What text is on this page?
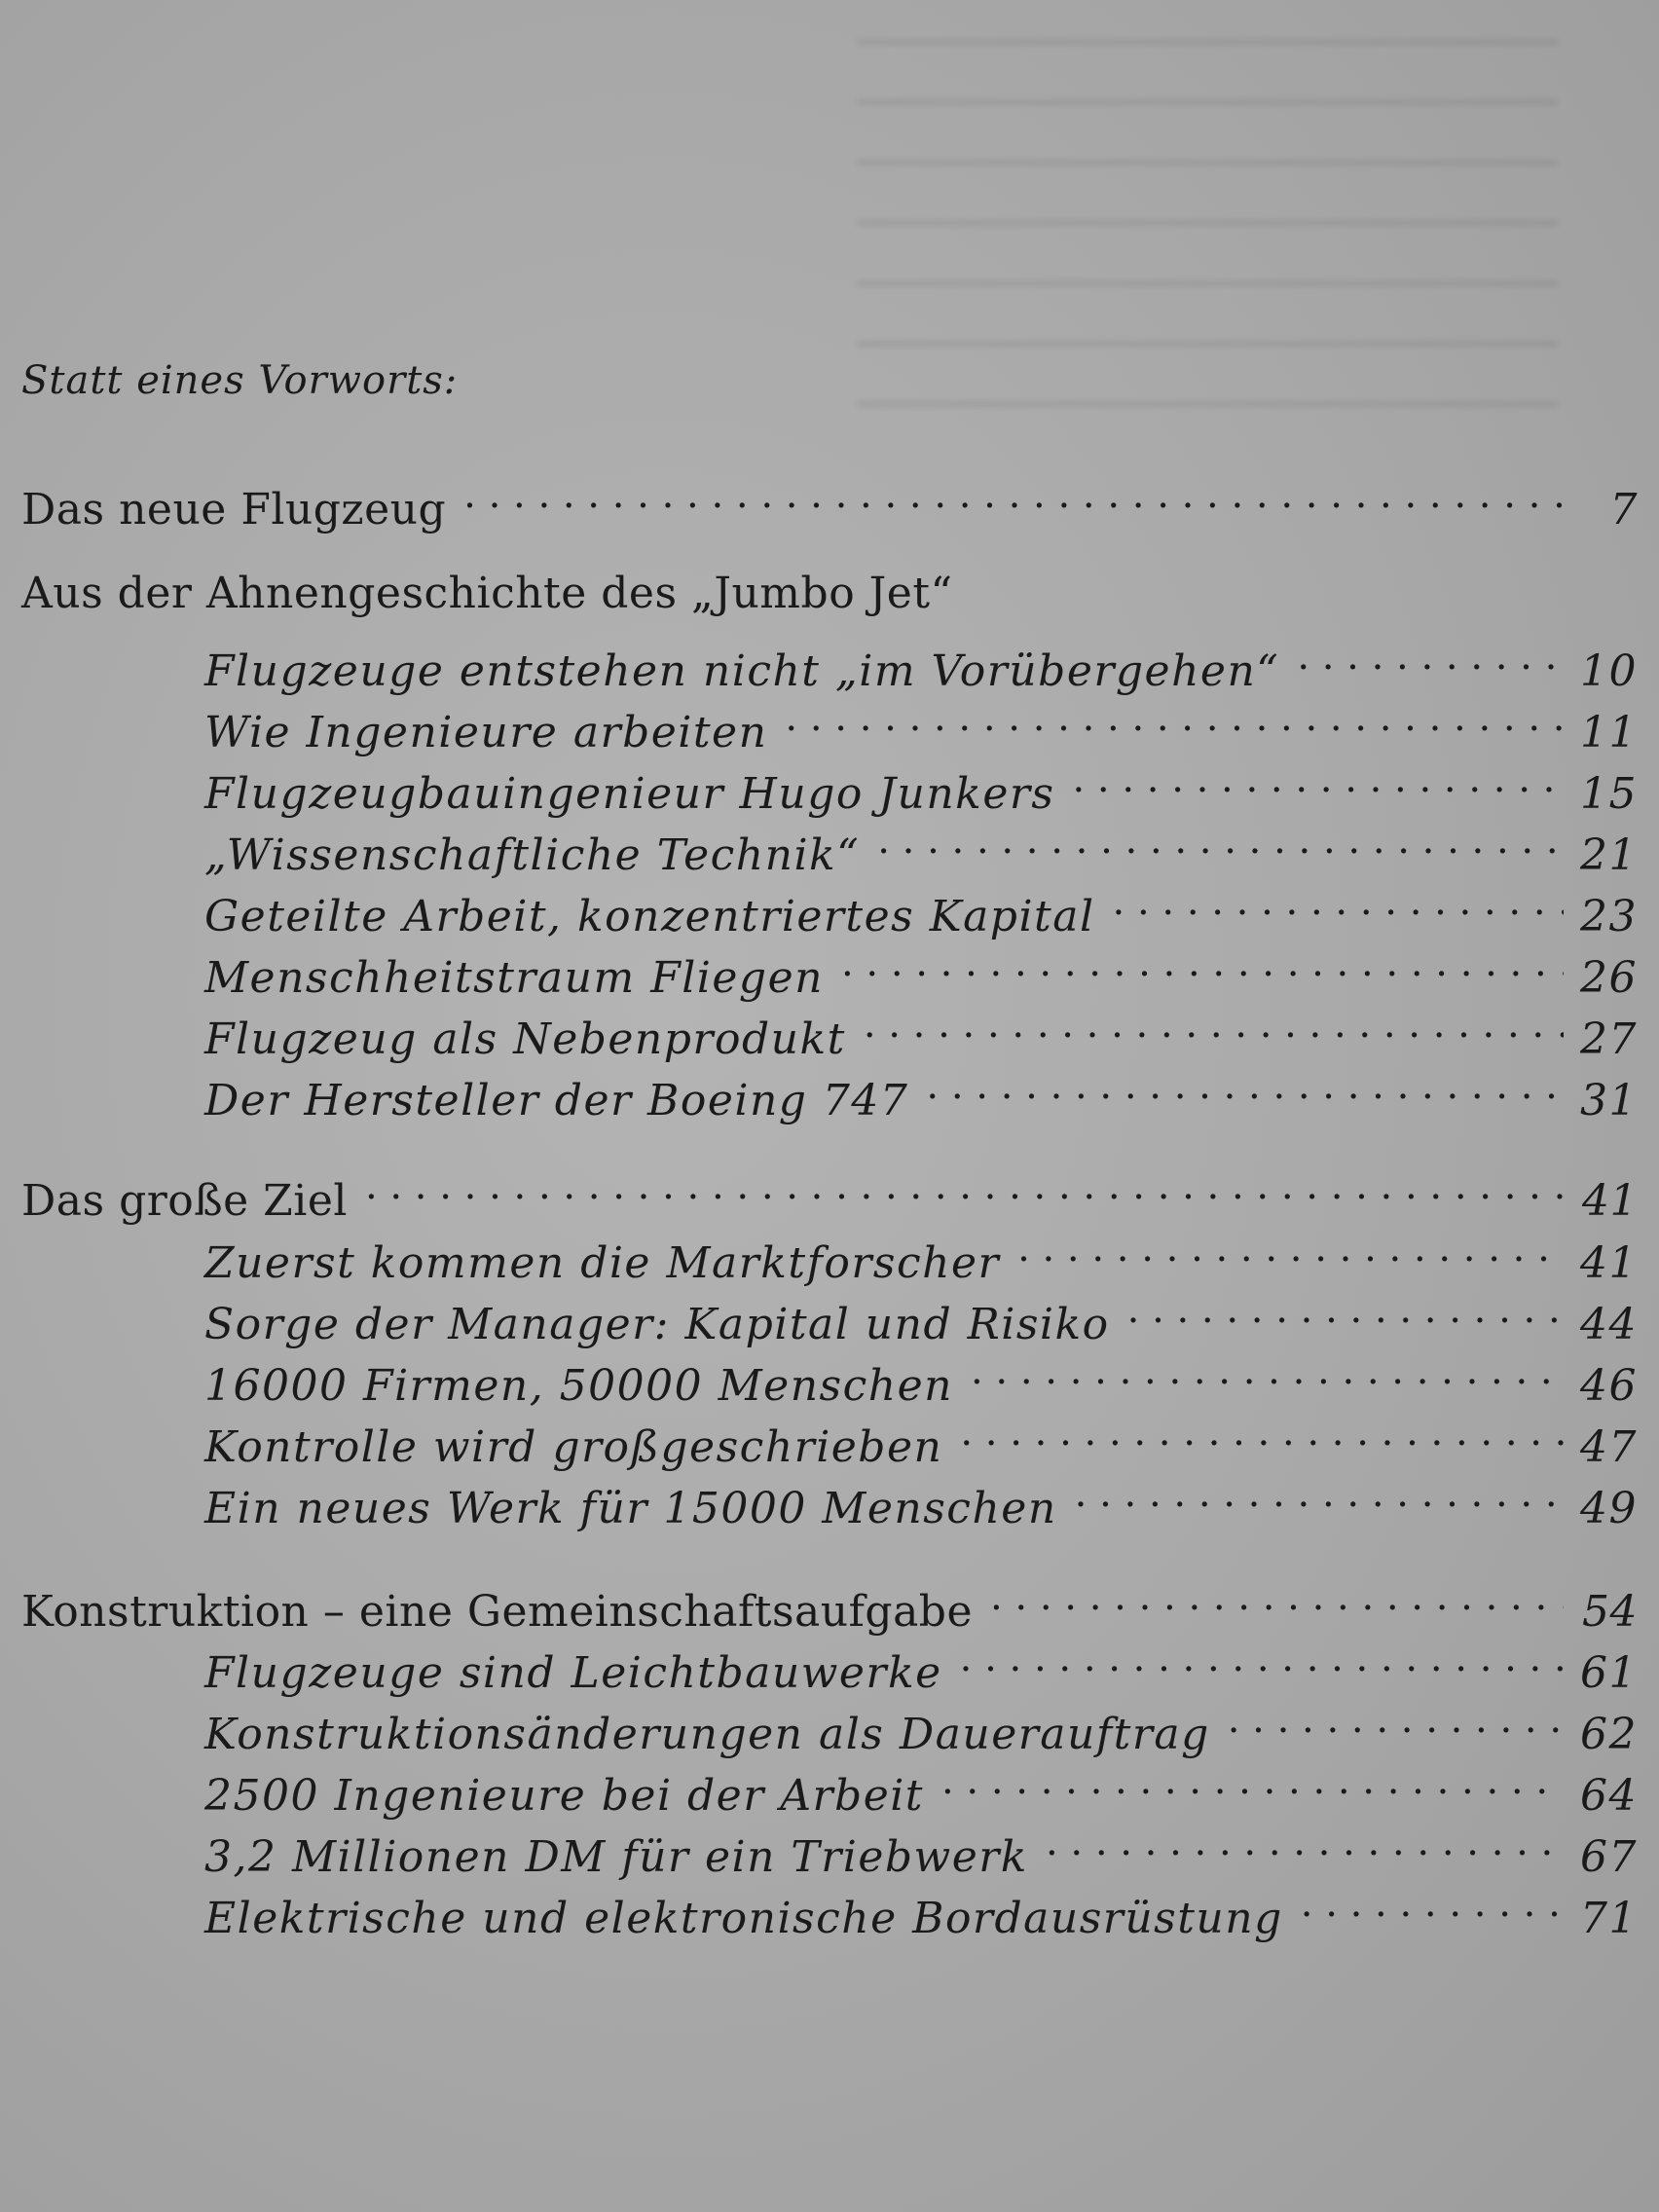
Statt eines Vorworts:
Das neue Flugzeug . . .	7
Aus der Ahnengeschichte des „Jumbo Jet“
Flugzeuge entstehen nicht „im Vorübergehen“ . . .	10
Wie Ingenieure arbeiten . . .	11
Flugzeugbauingenieur Hugo Junkers . . .	15
„Wissenschaftliche Technik“ . . .	21
Geteilte Arbeit, konzentriertes Kapital . . .	23
Menschheitstraum Fliegen . . .	26
Flugzeug als Nebenprodukt . . .	27
Der Hersteller der Boeing 747 . . .	31
Das große Ziel . . .	41
Zuerst kommen die Marktforscher . . .	41
Sorge der Manager: Kapital und Risiko . . .	44
16000 Firmen, 50000 Menschen . . .	46
Kontrolle wird großgeschrieben . . .	47
Ein neues Werk für 15000 Menschen . . .	49
Konstruktion – eine Gemeinschaftsaufgabe . . .	54
Flugzeuge sind Leichtbauwerke . . .	61
Konstruktionsänderungen als Dauerauftrag . . .	62
2500 Ingenieure bei der Arbeit . . .	64
3,2 Millionen DM für ein Triebwerk . . .	67
Elektrische und elektronische Bordausrüstung . . .	71
